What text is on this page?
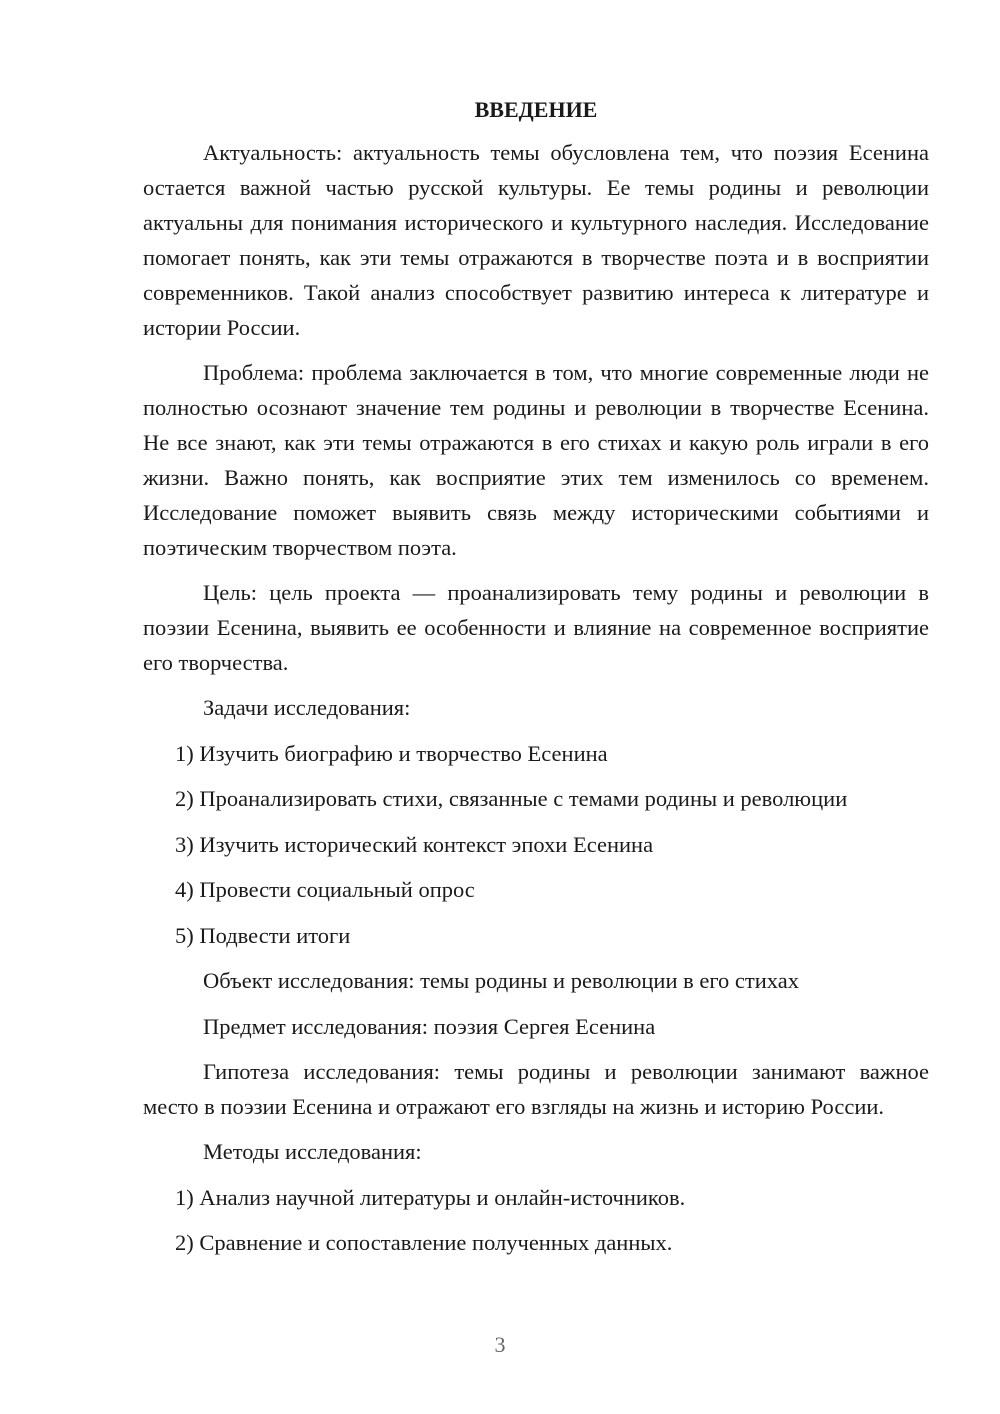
ВВЕДЕНИЕ

Актуальность: актуальность темы обусловлена тем, что поэзия Есенина остается важной частью русской культуры. Ее темы родины и революции актуальны для понимания исторического и культурного наследия. Исследование помогает понять, как эти темы отражаются в творчестве поэта и в восприятии современников. Такой анализ способствует развитию интереса к литературе и истории России.

Проблема: проблема заключается в том, что многие современные люди не полностью осознают значение тем родины и революции в творчестве Есенина. Не все знают, как эти темы отражаются в его стихах и какую роль играли в его жизни. Важно понять, как восприятие этих тем изменилось со временем. Исследование поможет выявить связь между историческими событиями и поэтическим творчеством поэта.

Цель: цель проекта — проанализировать тему родины и революции в поэзии Есенина, выявить ее особенности и влияние на современное восприятие его творчества.

Задачи исследования:
1) Изучить биографию и творчество Есенина
2) Проанализировать стихи, связанные с темами родины и революции
3) Изучить исторический контекст эпохи Есенина
4) Провести социальный опрос
5) Подвести итоги
Объект исследования: темы родины и революции в его стихах
Предмет исследования: поэзия Сергея Есенина

Гипотеза исследования: темы родины и революции занимают важное место в поэзии Есенина и отражают его взгляды на жизнь и историю России.

Методы исследования:
1) Анализ научной литературы и онлайн-источников.
2) Сравнение и сопоставление полученных данных.
3
